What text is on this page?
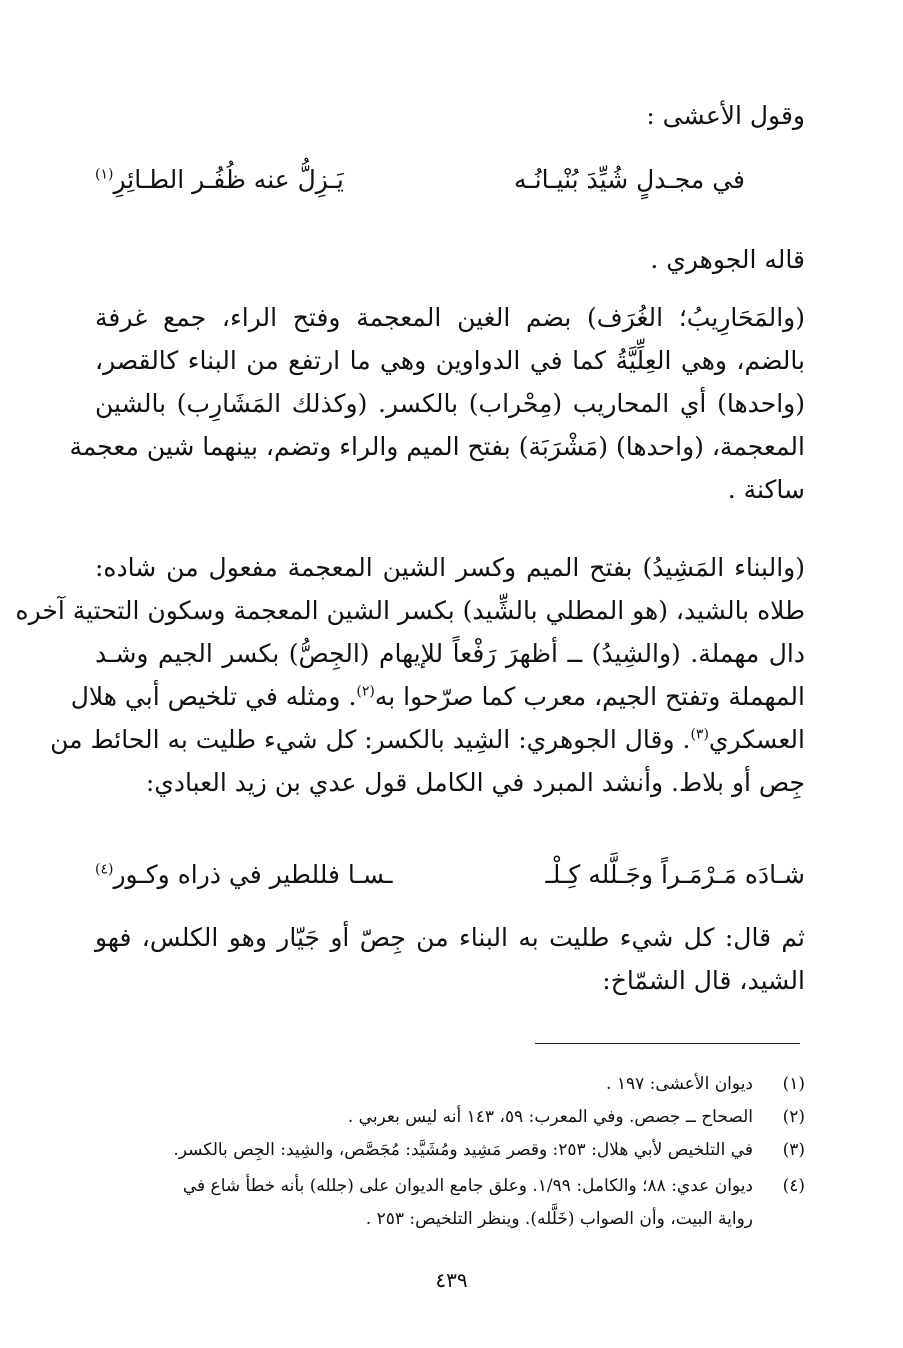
وقول الأعشى :
في مجـدلٍ شُيِّدَ بُنْيـانُـه
يَـزِلُّ عنه ظُفُـر الطـائِرِ$^{(١)}$
قاله الجوهري .
(والمَحَارِيبُ؛ الغُرَف) بضم الغين المعجمة وفتح الراء، جمع غرفة
بالضم، وهي العِلِّيَّةُ كما في الدواوين وهي ما ارتفع من البناء كالقصر،
(واحدها) أي المحاريب (مِحْراب) بالكسر. (وكذلك المَشَارِب) بالشين
المعجمة، (واحدها) (مَشْرَبَة) بفتح الميم والراء وتضم، بينهما شين معجمة
ساكنة .
(والبناء المَشِيدُ) بفتح الميم وكسر الشين المعجمة مفعول من شاده:
طلاه بالشيد، (هو المطلي بالشِّيد) بكسر الشين المعجمة وسكون التحتية آخره
دال مهملة. (والشِيدُ) ــ أظهرَ رَفْعاً للإيهام (الجِصُّ) بكسر الجيم وشـد
المهملة وتفتح الجيم، معرب كما صرّحوا به$^{(٢)}$. ومثله في تلخيص أبي هلال
العسكري$^{(٣)}$. وقال الجوهري: الشِيد بالكسر: كل شيء طليت به الحائط من
جِص أو بلاط. وأنشد المبرد في الكامل قول عدي بن زيد العبادي:
شـادَه مَـرْمَـراً وجَـلَّله كِـلْـ
ـسـا فللطير في ذراه وكـور$^{(٤)}$
ثم قال: كل شيء طليت به البناء من جِصّ أو جَيّار وهو الكلس، فهو
الشيد، قال الشمّاخ:
(١)
ديوان الأعشى: ١٩٧ .
(٢)
الصحاح ــ جصص. وفي المعرب: ٥٩، ١٤٣ أنه ليس بعربي .
(٣)
في التلخيص لأبي هلال: ٢٥٣: وقصر مَشِيد ومُشَيَّد: مُجَصَّص، والشِيد: الجِص بالكسر.
(٤)
ديوان عدي: ٨٨؛ والكامل: ١/٩٩. وعلق جامع الديوان على (جلله) بأنه خطأ شاع في
رواية البيت، وأن الصواب (خَلَّله). وينظر التلخيص: ٢٥٣ .
٤٣٩
